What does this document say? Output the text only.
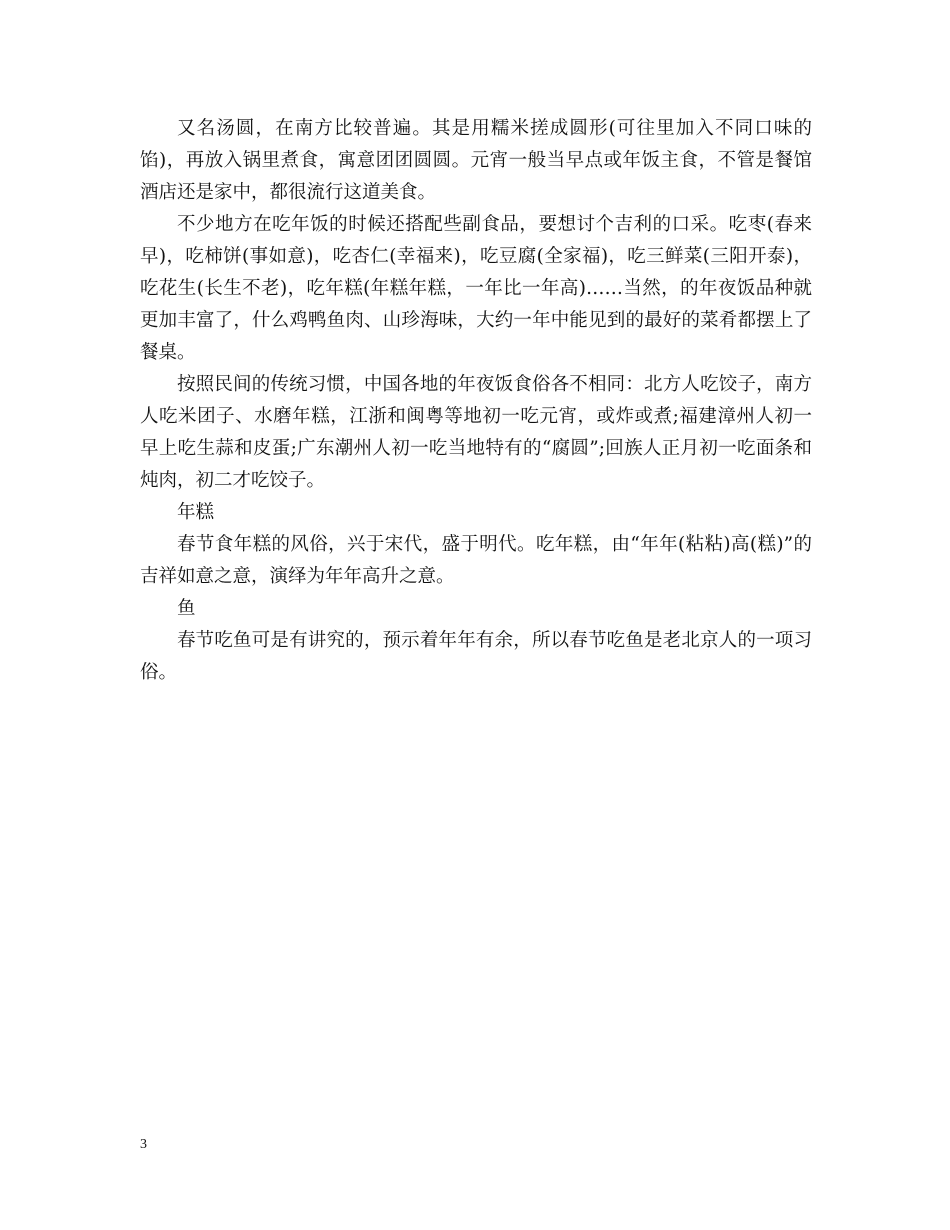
又名汤圆，在南方比较普遍。其是用糯米搓成圆形(可往里加入不同口味的馅)，再放入锅里煮食，寓意团团圆圆。元宵一般当早点或年饭主食，不管是餐馆酒店还是家中，都很流行这道美食。

不少地方在吃年饭的时候还搭配些副食品，要想讨个吉利的口采。吃枣(春来早)，吃柿饼(事如意)，吃杏仁(幸福来)，吃豆腐(全家福)，吃三鲜菜(三阳开泰)，吃花生(长生不老)，吃年糕(年糕年糕，一年比一年高)……当然，的年夜饭品种就更加丰富了，什么鸡鸭鱼肉、山珍海味，大约一年中能见到的最好的菜肴都摆上了餐桌。

按照民间的传统习惯，中国各地的年夜饭食俗各不相同：北方人吃饺子，南方人吃米团子、水磨年糕，江浙和闽粤等地初一吃元宵，或炸或煮;福建漳州人初一早上吃生蒜和皮蛋;广东潮州人初一吃当地特有的“腐圆”;回族人正月初一吃面条和炖肉，初二才吃饺子。

年糕

春节食年糕的风俗，兴于宋代，盛于明代。吃年糕，由“年年(粘粘)高(糕)”的吉祥如意之意，演绎为年年高升之意。

鱼

春节吃鱼可是有讲究的，预示着年年有余，所以春节吃鱼是老北京人的一项习俗。

3
